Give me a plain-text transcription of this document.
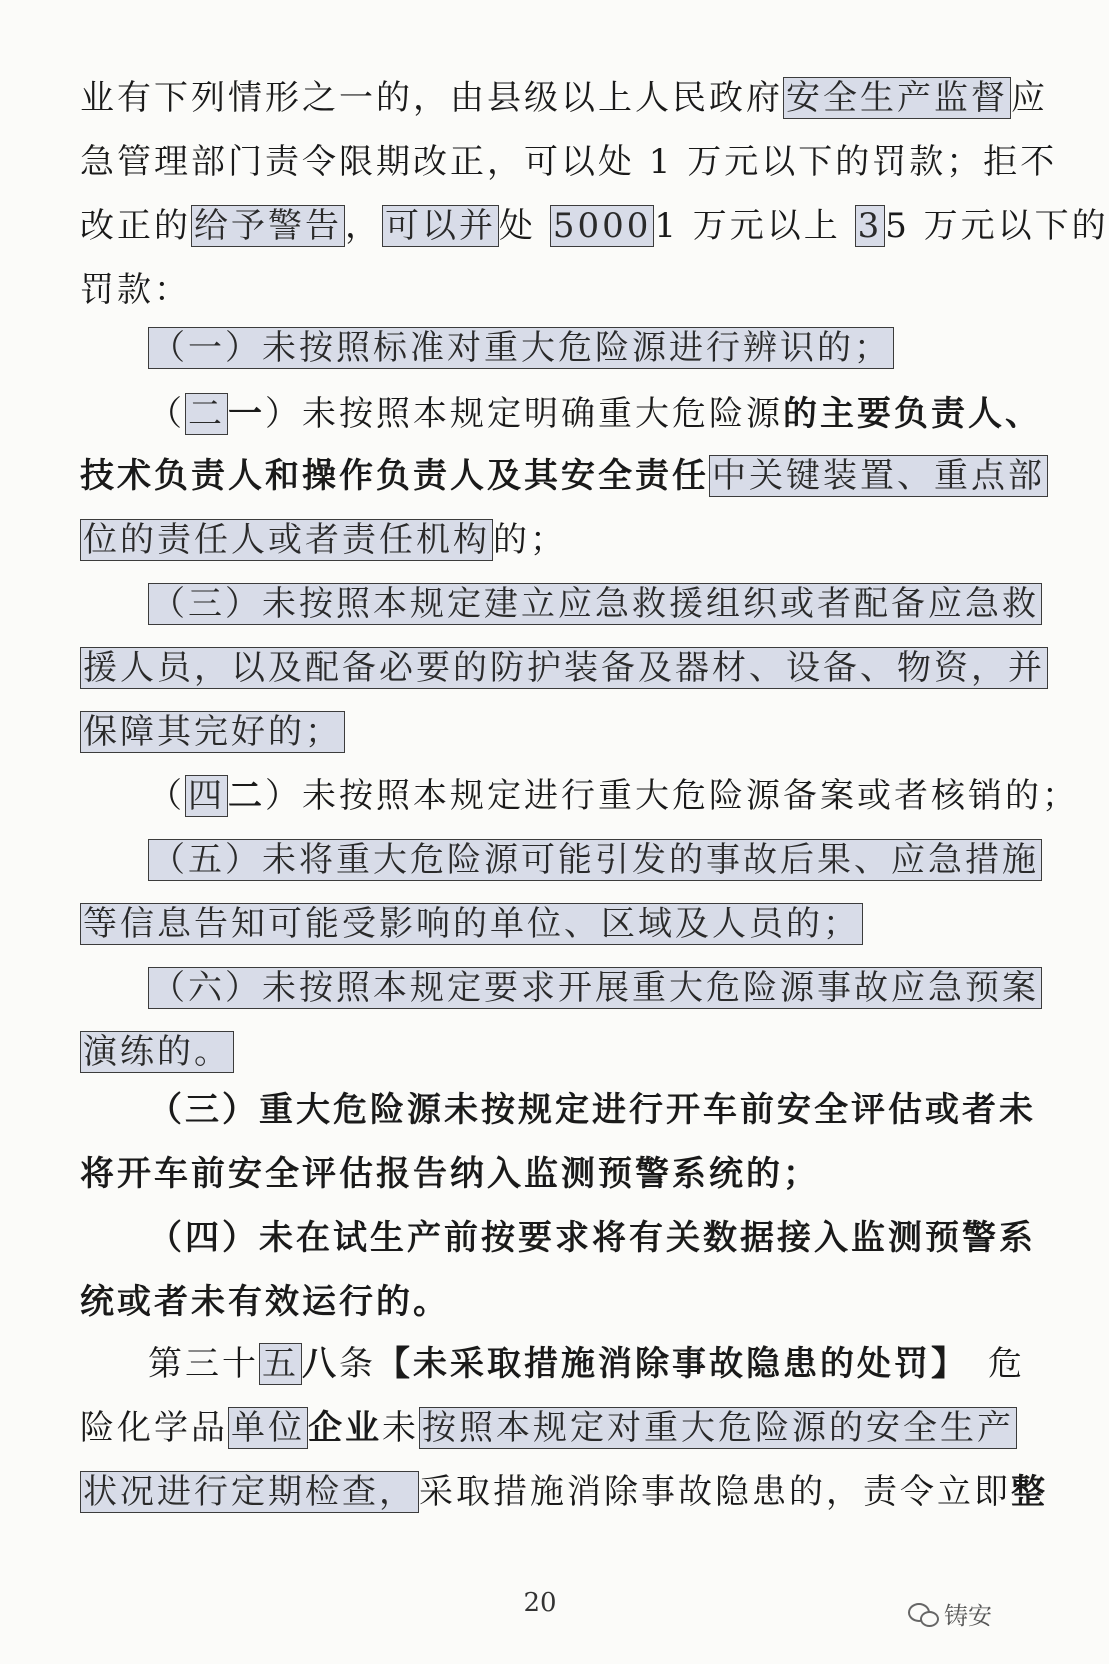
业有下列情形之一的，由县级以上人民政府安全生产监督应
急管理部门责令限期改正，可以处 1 万元以下的罚款；拒不
改正的给予警告，可以并处 50001 万元以上 35 万元以下的
罚款：
（一）未按照标准对重大危险源进行辨识的；
（二一）未按照本规定明确重大危险源的主要负责人、
技术负责人和操作负责人及其安全责任中关键装置、重点部
位的责任人或者责任机构的；
（三）未按照本规定建立应急救援组织或者配备应急救
援人员，以及配备必要的防护装备及器材、设备、物资，并
保障其完好的；
（四二）未按照本规定进行重大危险源备案或者核销的；
（五）未将重大危险源可能引发的事故后果、应急措施
等信息告知可能受影响的单位、区域及人员的；
（六）未按照本规定要求开展重大危险源事故应急预案
演练的。
（三）重大危险源未按规定进行开车前安全评估或者未
将开车前安全评估报告纳入监测预警系统的；
（四）未在试生产前按要求将有关数据接入监测预警系
统或者未有效运行的。
第三十五八条【未采取措施消除事故隐患的处罚】　危
险化学品单位企业未按照本规定对重大危险源的安全生产
状况进行定期检查，采取措施消除事故隐患的，责令立即整
20	铸安
